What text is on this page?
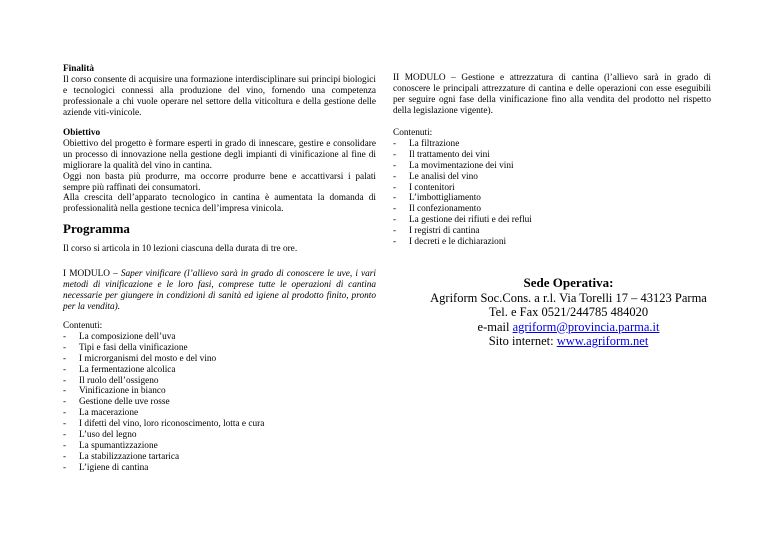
Finalità
Il corso consente di acquisire una formazione interdisciplinare sui principi biologici e tecnologici connessi alla produzione del vino, fornendo una competenza professionale a chi vuole operare nel settore della viticoltura e della gestione delle aziende viti-vinicole.
Obiettivo
Obiettivo del progetto è formare esperti in grado di innescare, gestire e consolidare un processo di innovazione nella gestione degli impianti di vinificazione al fine di migliorare la qualità del vino in cantina.
Oggi non basta più produrre, ma occorre produrre bene e accattivarsi i palati sempre più raffinati dei consumatori.
Alla crescita dell’apparato tecnologico in cantina è aumentata la domanda di professionalità nella gestione tecnica dell’impresa vinicola.
Programma
Il corso si articola in 10 lezioni ciascuna della durata di tre ore.
I MODULO – Saper vinificare (l’allievo sarà in grado di conoscere le uve, i vari metodi di vinificazione e le loro fasi, comprese tutte le operazioni di cantina necessarie per giungere in condizioni di sanità ed igiene al prodotto finito, pronto per la vendita).
Contenuti:
- La composizione dell’uva
- Tipi e fasi della vinificazione
- I microrganismi del mosto e del vino
- La fermentazione alcolica
- Il ruolo dell’ossigeno
- Vinificazione in bianco
- Gestione delle uve rosse
- La macerazione
- I difetti del vino, loro riconoscimento, lotta e cura
- L’uso del legno
- La spumantizzazione
- La stabilizzazione tartarica
- L’igiene di cantina
II MODULO – Gestione e attrezzatura di cantina (l’allievo sarà in grado di conoscere le principali attrezzature di cantina e delle operazioni con esse eseguibili per seguire ogni fase della vinificazione fino alla vendita del prodotto nel rispetto della legislazione vigente).
Contenuti:
- La filtrazione
- Il trattamento dei vini
- La movimentazione dei vini
- Le analisi del vino
- I contenitori
- L’imbottigliamento
- Il confezionamento
- La gestione dei rifiuti e dei reflui
- I registri di cantina
- I decreti e le dichiarazioni
Sede Operativa:
Agriform Soc.Cons. a r.l. Via Torelli 17 – 43123 Parma
Tel. e Fax 0521/244785 484020
e-mail agriform@provincia.parma.it
Sito internet: www.agriform.net
